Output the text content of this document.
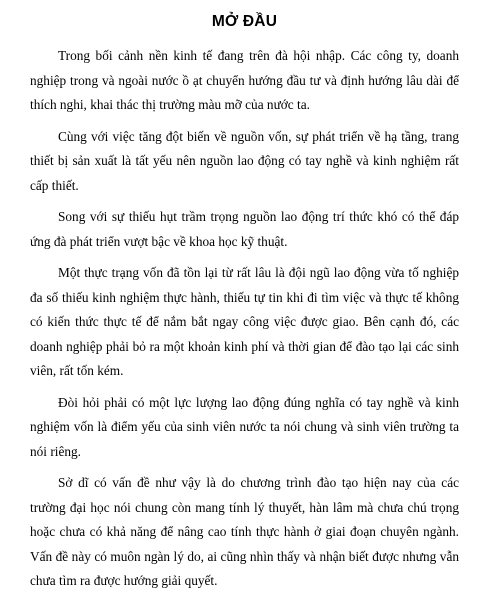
MỞ ĐẦU

Trong bối cảnh nền kinh tế đang trên đà hội nhập. Các công ty, doanh nghiệp trong và ngoài nước ồ ạt chuyển hướng đầu tư và định hướng lâu dài để thích nghi, khai thác thị trường màu mỡ của nước ta.

Cùng với việc tăng đột biến về nguồn vốn, sự phát triển về hạ tầng, trang thiết bị sản xuất là tất yếu nên nguồn lao động có tay nghề và kinh nghiệm rất cấp thiết.

Song với sự thiếu hụt trầm trọng nguồn lao động trí thức khó có thể đáp ứng đà phát triển vượt bậc về khoa học kỹ thuật.

Một thực trạng vốn đã tồn lại từ rất lâu là đội ngũ lao động vừa tố nghiệp đa số thiếu kinh nghiệm thực hành, thiếu tự tin khi đi tìm việc và thực tế không có kiến thức thực tế để nắm bắt ngay công việc được giao. Bên cạnh đó, các doanh nghiệp phải bỏ ra một khoản kinh phí và thời gian để đào tạo lại các sinh viên, rất tốn kém.

Đòi hỏi phải có một lực lượng lao động đúng nghĩa có tay nghề và kinh nghiệm vốn là điểm yếu của sinh viên nước ta nói chung và sinh viên trường ta nói riêng.

Sở dĩ có vấn đề như vậy là do chương trình đào tạo hiện nay của các trường đại học nói chung còn mang tính lý thuyết, hàn lâm mà chưa chú trọng hoặc chưa có khả năng để nâng cao tính thực hành ở giai đoạn chuyên ngành. Vấn đề này có muôn ngàn lý do, ai cũng nhìn thấy và nhận biết được nhưng vẫn chưa tìm ra được hướng giải quyết.
